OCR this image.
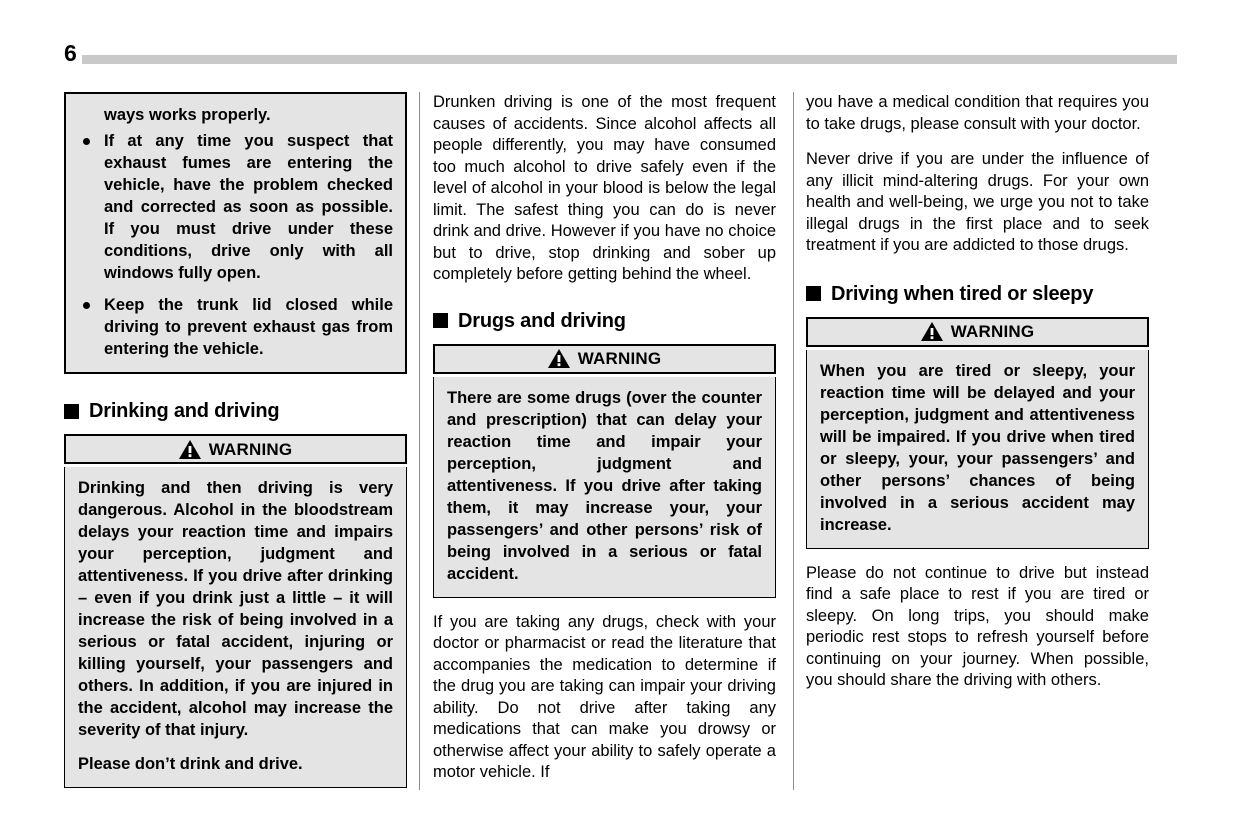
6
ways works properly.
If at any time you suspect that exhaust fumes are entering the vehicle, have the problem checked and corrected as soon as possible. If you must drive under these conditions, drive only with all windows fully open.
Keep the trunk lid closed while driving to prevent exhaust gas from entering the vehicle.
Drinking and driving
WARNING

Drinking and then driving is very dangerous. Alcohol in the bloodstream delays your reaction time and impairs your perception, judgment and attentiveness. If you drive after drinking – even if you drink just a little – it will increase the risk of being involved in a serious or fatal accident, injuring or killing yourself, your passengers and others. In addition, if you are injured in the accident, alcohol may increase the severity of that injury.

Please don’t drink and drive.

Drunken driving is one of the most frequent causes of accidents. Since alcohol affects all people differently, you may have consumed too much alcohol to drive safely even if the level of alcohol in your blood is below the legal limit. The safest thing you can do is never drink and drive. However if you have no choice but to drive, stop drinking and sober up completely before getting behind the wheel.

Drugs and driving
WARNING

There are some drugs (over the counter and prescription) that can delay your reaction time and impair your perception, judgment and attentiveness. If you drive after taking them, it may increase your, your passengers’ and other persons’ risk of being involved in a serious or fatal accident.

If you are taking any drugs, check with your doctor or pharmacist or read the literature that accompanies the medication to determine if the drug you are taking can impair your driving ability. Do not drive after taking any medications that can make you drowsy or otherwise affect your ability to safely operate a motor vehicle. If

you have a medical condition that requires you to take drugs, please consult with your doctor.

Never drive if you are under the influence of any illicit mind-altering drugs. For your own health and well-being, we urge you not to take illegal drugs in the first place and to seek treatment if you are addicted to those drugs.

Driving when tired or sleepy
WARNING

When you are tired or sleepy, your reaction time will be delayed and your perception, judgment and attentiveness will be impaired. If you drive when tired or sleepy, your, your passengers’ and other persons’ chances of being involved in a serious accident may increase.

Please do not continue to drive but instead find a safe place to rest if you are tired or sleepy. On long trips, you should make periodic rest stops to refresh yourself before continuing on your journey. When possible, you should share the driving with others.
